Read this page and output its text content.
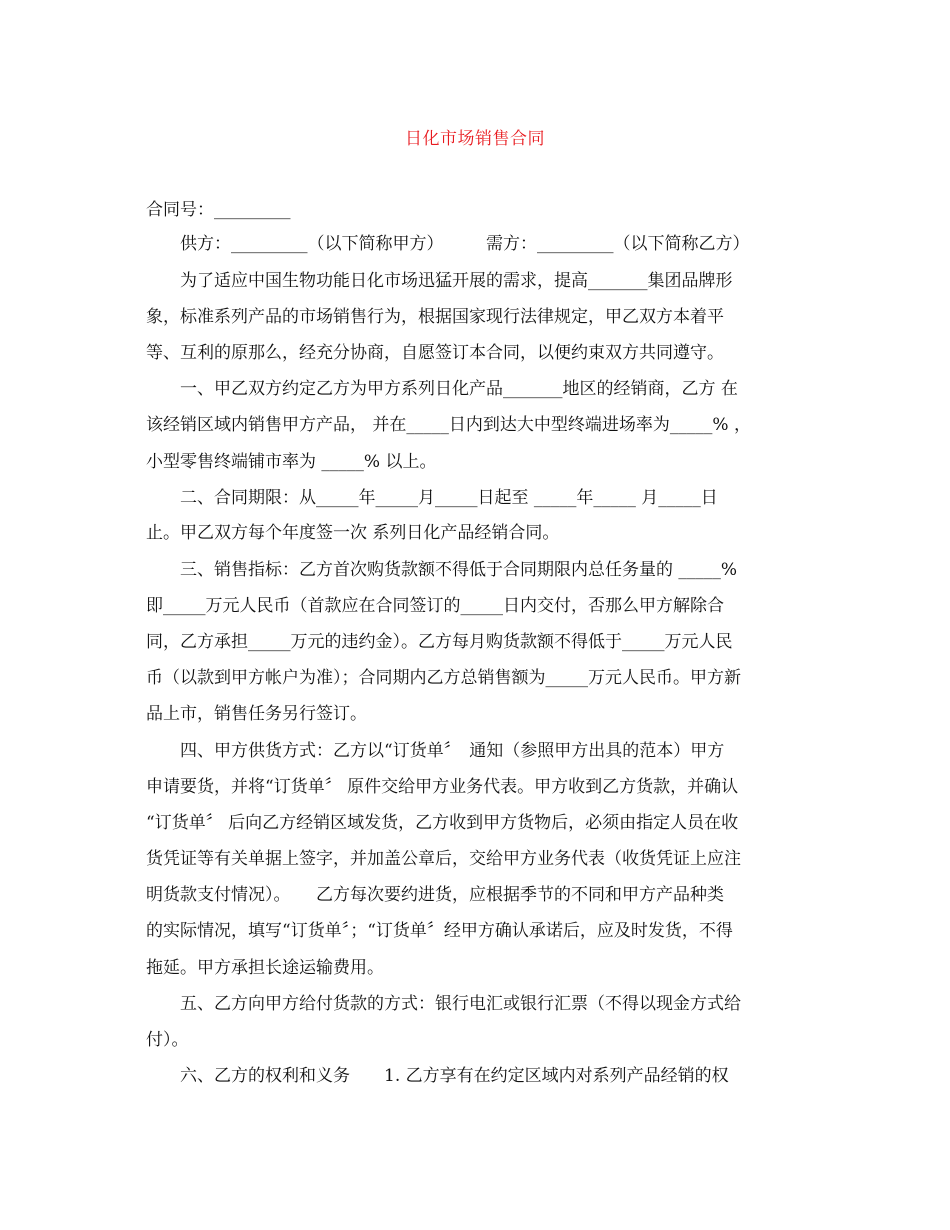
日化市场销售合同
合同号：_________
　　供方：_________（以下简称甲方）　　　需方：_________（以下简称乙方）
　　为了适应中国生物功能日化市场迅猛开展的需求，提高_______集团品牌形
象，标准系列产品的市场销售行为，根据国家现行法律规定，甲乙双方本着平
等、互利的原那么，经充分协商，自愿签订本合同，以便约束双方共同遵守。
　　一、甲乙双方约定乙方为甲方系列日化产品_______地区的经销商，乙方 在
该经销区域内销售甲方产品， 并在_____日内到达大中型终端进场率为_____% ，
小型零售终端铺市率为 _____% 以上。
　　二、合同期限：从_____年_____月_____日起至 _____年_____ 月_____日
止。甲乙双方每个年度签一次 系列日化产品经销合同。
　　三、销售指标：乙方首次购货款额不得低于合同期限内总任务量的 _____%
即_____万元人民币（首款应在合同签订的_____日内交付，否那么甲方解除合
同，乙方承担_____万元的违约金）。乙方每月购货款额不得低于_____万元人民
币（以款到甲方帐户为准）；合同期内乙方总销售额为_____万元人民币。甲方新
品上市，销售任务另行签订。
　　四、甲方供货方式：乙方以“订货单〞　通知（参照甲方出具的范本）甲方
申请要货，并将“订货单〞 原件交给甲方业务代表。甲方收到乙方货款，并确认
“订货单〞 后向乙方经销区域发货，乙方收到甲方货物后，必须由指定人员在收
货凭证等有关单据上签字，并加盖公章后，交给甲方业务代表（收货凭证上应注
明货款支付情况）。　　乙方每次要约进货，应根据季节的不同和甲方产品种类
的实际情况，填写“订货单〞；“订货单〞经甲方确认承诺后，应及时发货，不得
拖延。甲方承担长途运输费用。
　　五、乙方向甲方给付货款的方式：银行电汇或银行汇票（不得以现金方式给
付）。
　　六、乙方的权利和义务　　1. 乙方享有在约定区域内对系列产品经销的权
